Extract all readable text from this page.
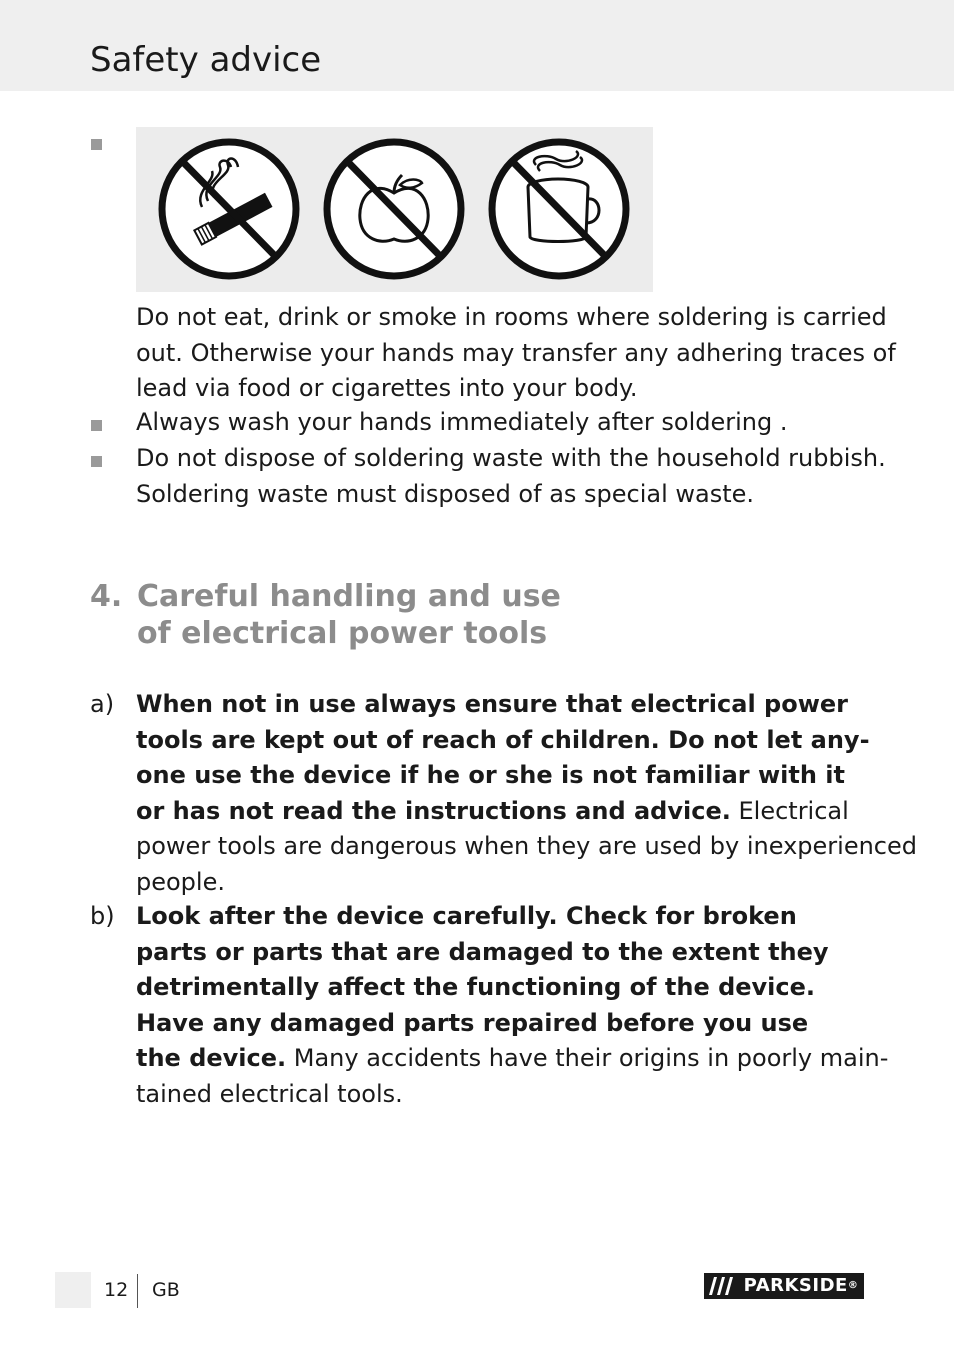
Safety advice
Do not eat, drink or smoke in rooms where soldering is carried
out. Otherwise your hands may transfer any adhering traces of
lead via food or cigarettes into your body.
Always wash your hands immediately after soldering .
Do not dispose of soldering waste with the household rubbish.
Soldering waste must disposed of as special waste.
4. Careful handling and use
of electrical power tools
a) When not in use always ensure that electrical power
tools are kept out of reach of children. Do not let any-
one use the device if he or she is not familiar with it
or has not read the instructions and advice. Electrical
power tools are dangerous when they are used by inexperienced
people.
b) Look after the device carefully. Check for broken
parts or parts that are damaged to the extent they
detrimentally affect the functioning of the device.
Have any damaged parts repaired before you use
the device. Many accidents have their origins in poorly main-
tained electrical tools.
12 GB	PARKSIDE®
